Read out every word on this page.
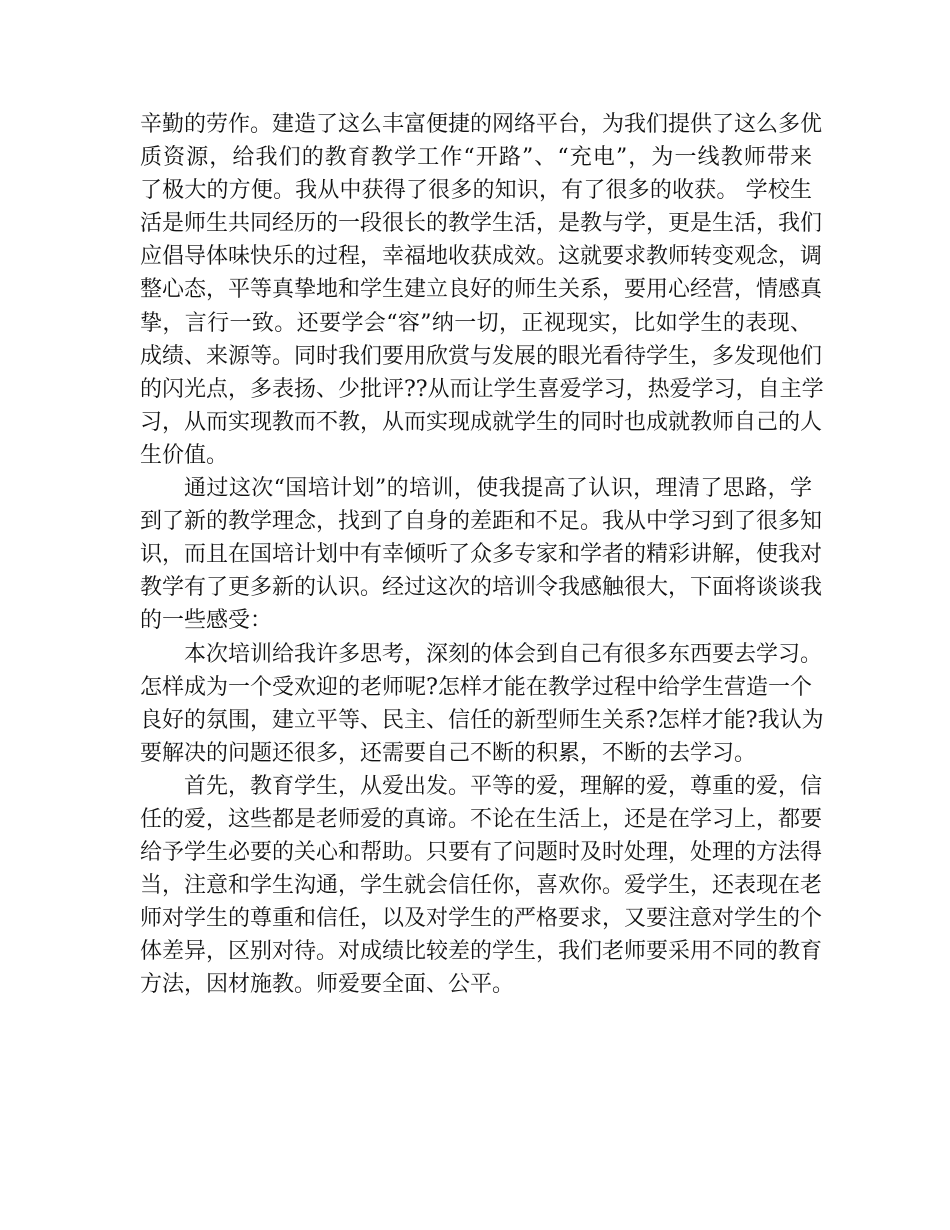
辛勤的劳作。建造了这么丰富便捷的网络平台，为我们提供了这么多优
质资源，给我们的教育教学工作“开路”、“充电”，为一线教师带来
了极大的方便。我从中获得了很多的知识，有了很多的收获。 学校生
活是师生共同经历的一段很长的教学生活，是教与学，更是生活，我们
应倡导体味快乐的过程，幸福地收获成效。这就要求教师转变观念，调
整心态，平等真挚地和学生建立良好的师生关系，要用心经营，情感真
挚，言行一致。还要学会“容”纳一切，正视现实，比如学生的表现、
成绩、来源等。同时我们要用欣赏与发展的眼光看待学生，多发现他们
的闪光点，多表扬、少批评??从而让学生喜爱学习，热爱学习，自主学
习，从而实现教而不教，从而实现成就学生的同时也成就教师自己的人
生价值。
通过这次“国培计划”的培训，使我提高了认识，理清了思路，学
到了新的教学理念，找到了自身的差距和不足。我从中学习到了很多知
识，而且在国培计划中有幸倾听了众多专家和学者的精彩讲解，使我对
教学有了更多新的认识。经过这次的培训令我感触很大，下面将谈谈我
的一些感受：
本次培训给我许多思考，深刻的体会到自己有很多东西要去学习。
怎样成为一个受欢迎的老师呢?怎样才能在教学过程中给学生营造一个
良好的氛围，建立平等、民主、信任的新型师生关系?怎样才能?我认为
要解决的问题还很多，还需要自己不断的积累，不断的去学习。
首先，教育学生，从爱出发。平等的爱，理解的爱，尊重的爱，信
任的爱，这些都是老师爱的真谛。不论在生活上，还是在学习上，都要
给予学生必要的关心和帮助。只要有了问题时及时处理，处理的方法得
当，注意和学生沟通，学生就会信任你，喜欢你。爱学生，还表现在老
师对学生的尊重和信任，以及对学生的严格要求，又要注意对学生的个
体差异，区别对待。对成绩比较差的学生，我们老师要采用不同的教育
方法，因材施教。师爱要全面、公平。
